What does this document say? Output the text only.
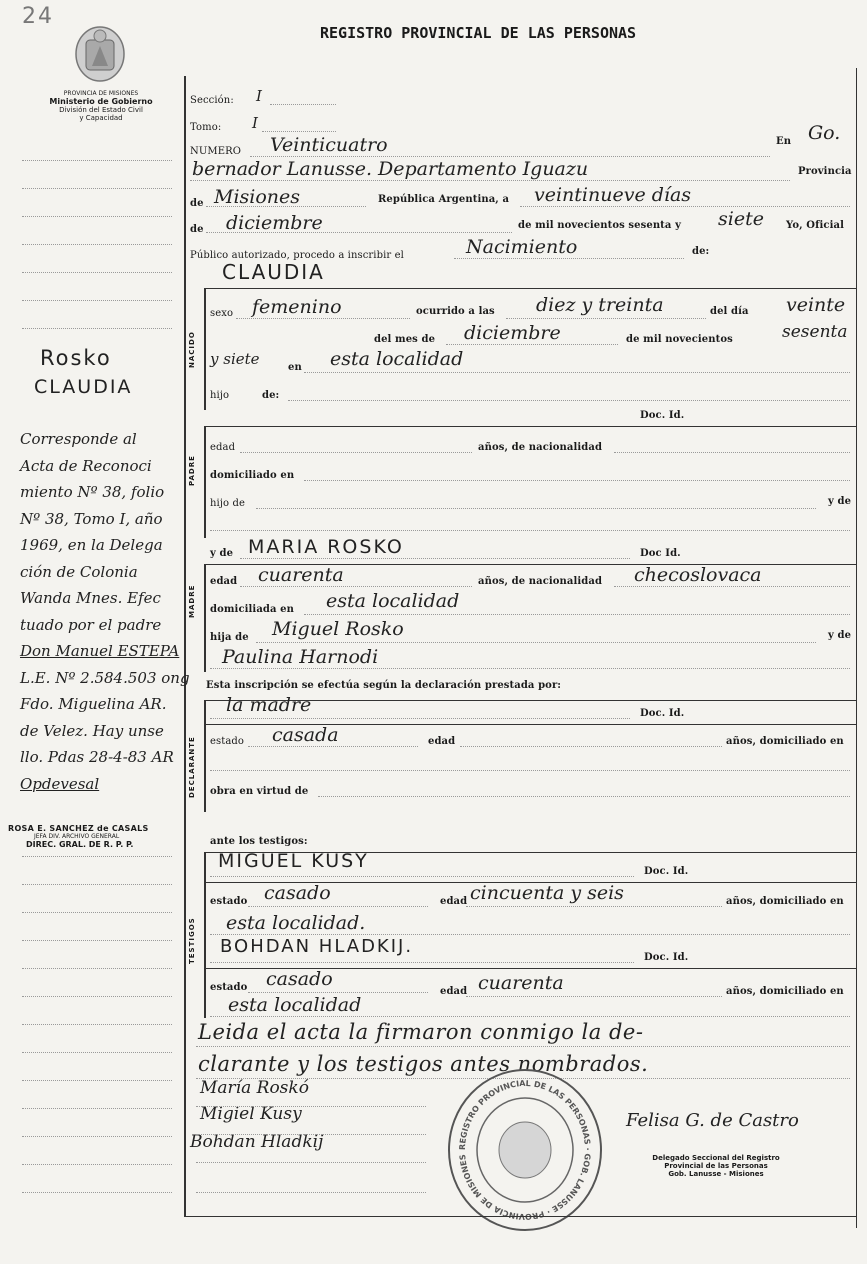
24
PROVINCIA DE MISIONES
Ministerio de Gobierno
División del Estado Civil
y Capacidad
REGISTRO PROVINCIAL DE LAS PERSONAS
Rosko
CLAUDIA
Corresponde al
Acta de Reconoci
miento Nº 38, folio
Nº 38, Tomo I, año
1969, en la Delega
ción de Colonia
Wanda Mnes. Efec
tuado por el padre
Don Manuel ESTEPA
L.E. Nº 2.584.503 ong
Fdo. Miguelina AR.
de Velez. Hay unse
llo. Pdas 28-4-83 AR
Opdevesal
ROSA E. SANCHEZ de CASALS
JEFA DIV. ARCHIVO GENERAL
DIREC. GRAL. DE R. P. P.
Sección: I
Tomo: I
NUMERO Veinticuatro	En Go.
bernador Lanusse. Departamento Iguazu	Provincia
de Misiones	República Argentina, a veintinueve días
de diciembre	de mil novecientos sesenta y siete Yo, Oficial
Público autorizado, procedo a inscribir el	Nacimiento	de:
CLAUDIA
NACIDO
sexo femenino	ocurrido a las diez y treinta	del día veinte
del mes de diciembre	de mil novecientos	sesenta
y siete	en esta localidad
hijo	de:
Doc. Id.
PADRE
edad	años, de nacionalidad
domiciliado en
hijo de	y de
y de MARIA ROSKO	Doc Id.
MADRE
edad cuarenta	años, de nacionalidad checoslovaca
domiciliada en esta localidad
hija de Miguel Rosko	y de
Paulina Harnodi
Esta inscripción se efectúa según la declaración prestada por:
DECLARANTE
la madre	Doc. Id.
estado casada	edad	años, domiciliado en
obra en virtud de
ante los testigos:
TESTIGOS
MIGUEL KUSY	Doc. Id.
estado casado	edad cincuenta y seis	años, domiciliado en
esta localidad.
BOHDAN HLADKIJ.
Doc. Id.
estado casado
edad cuarenta	años, domiciliado en
esta localidad
Leida el acta la firmaron conmigo la de-
clarante y los testigos antes nombrados.
María Roskó
Migiel Kusy
Bohdan Hladkij	REGISTRO PROVINCIAL DE LAS PERSONAS · GOB. LANUSSE · PROVINCIA DE MISIONES
Felisa G. de Castro
Delegado Seccional del Registro
Provincial de las Personas
Gob. Lanusse - Misiones
